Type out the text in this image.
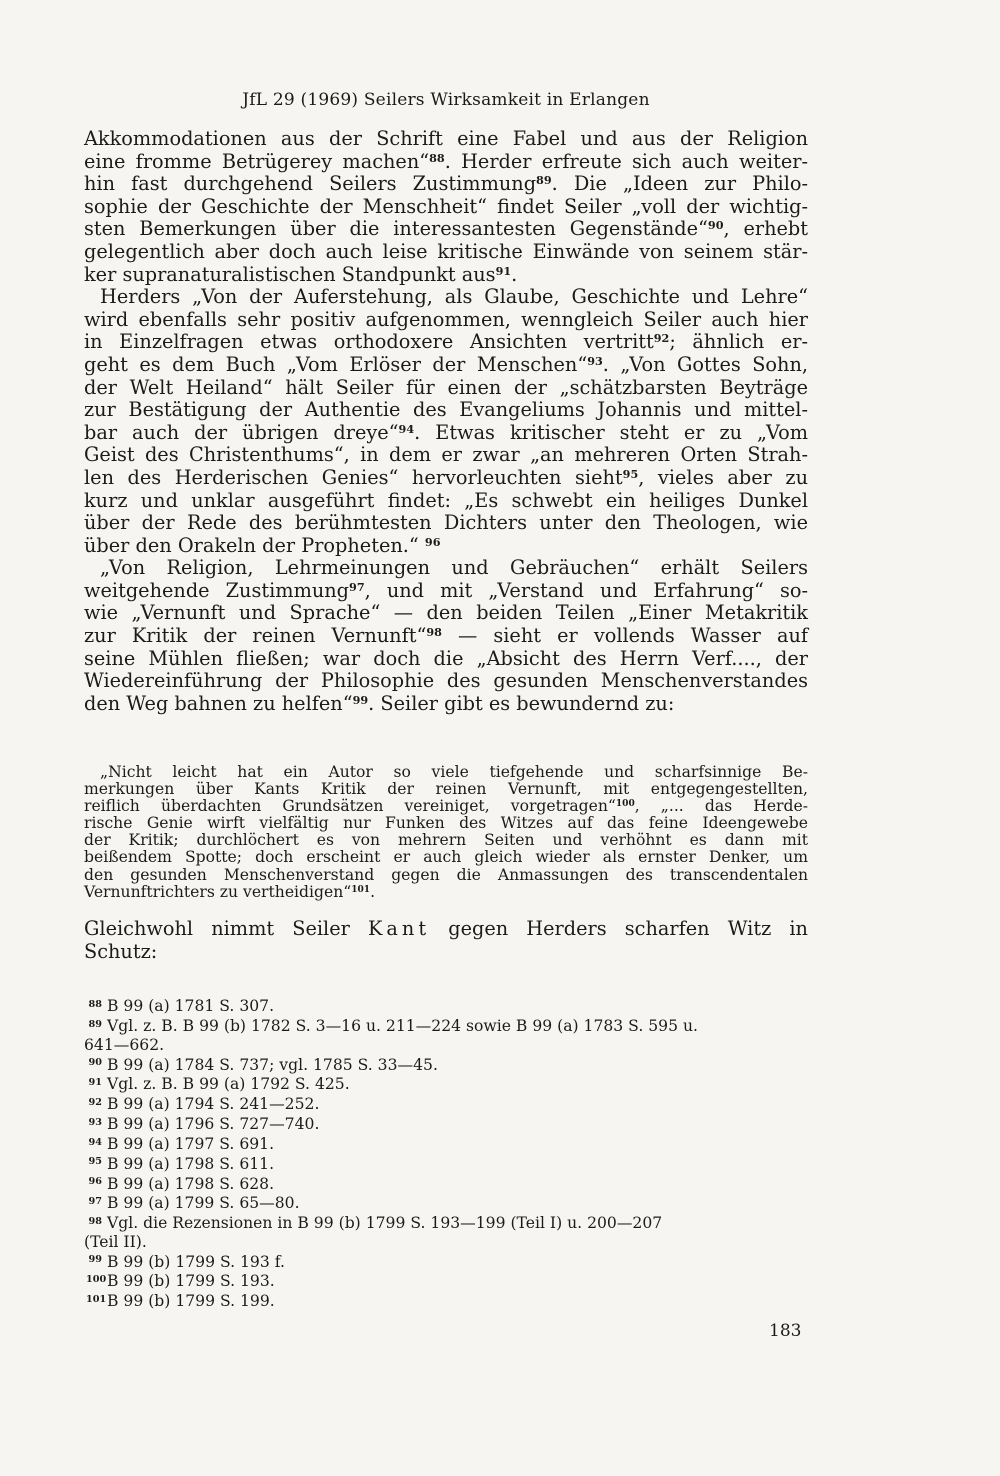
JfL 29 (1969) Seilers Wirksamkeit in Erlangen

Akkommodationen aus der Schrift eine Fabel und aus der Religion
eine fromme Betrügerey machen“$^{88}$. Herder erfreute sich auch weiter-
hin fast durchgehend Seilers Zustimmung$^{89}$. Die „Ideen zur Philo-
sophie der Geschichte der Menschheit“ findet Seiler „voll der wichtig-
sten Bemerkungen über die interessantesten Gegenstände“$^{90}$, erhebt
gelegentlich aber doch auch leise kritische Einwände von seinem stär-
ker supranaturalistischen Standpunkt aus$^{91}$.

Herders „Von der Auferstehung, als Glaube, Geschichte und Lehre“
wird ebenfalls sehr positiv aufgenommen, wenngleich Seiler auch hier
in Einzelfragen etwas orthodoxere Ansichten vertritt$^{92}$; ähnlich er-
geht es dem Buch „Vom Erlöser der Menschen“$^{93}$. „Von Gottes Sohn,
der Welt Heiland“ hält Seiler für einen der „schätzbarsten Beyträge
zur Bestätigung der Authentie des Evangeliums Johannis und mittel-
bar auch der übrigen dreye“$^{94}$. Etwas kritischer steht er zu „Vom
Geist des Christenthums“, in dem er zwar „an mehreren Orten Strah-
len des Herderischen Genies“ hervorleuchten sieht$^{95}$, vieles aber zu
kurz und unklar ausgeführt findet: „Es schwebt ein heiliges Dunkel
über der Rede des berühmtesten Dichters unter den Theologen, wie
über den Orakeln der Propheten.“ $^{96}$

„Von Religion, Lehrmeinungen und Gebräuchen“ erhält Seilers
weitgehende Zustimmung$^{97}$, und mit „Verstand und Erfahrung“ so-
wie „Vernunft und Sprache“ — den beiden Teilen „Einer Metakritik
zur Kritik der reinen Vernunft“$^{98}$ — sieht er vollends Wasser auf
seine Mühlen fließen; war doch die „Absicht des Herrn Verf...., der
Wiedereinführung der Philosophie des gesunden Menschenverstandes
den Weg bahnen zu helfen“$^{99}$. Seiler gibt es bewundernd zu:

„Nicht leicht hat ein Autor so viele tiefgehende und scharfsinnige Be-
merkungen über Kants Kritik der reinen Vernunft, mit entgegengestellten,
reiflich überdachten Grundsätzen vereiniget, vorgetragen“$^{100}$, „... das Herde-
rische Genie wirft vielfältig nur Funken des Witzes auf das feine Ideengewebe
der Kritik; durchlöchert es von mehrern Seiten und verhöhnt es dann mit
beißendem Spotte; doch erscheint er auch gleich wieder als ernster Denker, um
den gesunden Menschenverstand gegen die Anmassungen des transcendentalen
Vernunftrichters zu vertheidigen“$^{101}$.
Gleichwohl nimmt Seiler Kant gegen Herders scharfen Witz in
Schutz:
88 B 99 (a) 1781 S. 307.
89 Vgl. z. B. B 99 (b) 1782 S. 3—16 u. 211—224 sowie B 99 (a) 1783 S. 595 u.
641—662.
90 B 99 (a) 1784 S. 737; vgl. 1785 S. 33—45.
91 Vgl. z. B. B 99 (a) 1792 S. 425.
92 B 99 (a) 1794 S. 241—252.
93 B 99 (a) 1796 S. 727—740.
94 B 99 (a) 1797 S. 691.
95 B 99 (a) 1798 S. 611.
96 B 99 (a) 1798 S. 628.
97 B 99 (a) 1799 S. 65—80.
98 Vgl. die Rezensionen in B 99 (b) 1799 S. 193—199 (Teil I) u. 200—207
(Teil II).
99 B 99 (b) 1799 S. 193 f.
100B 99 (b) 1799 S. 193.
101B 99 (b) 1799 S. 199.
183
